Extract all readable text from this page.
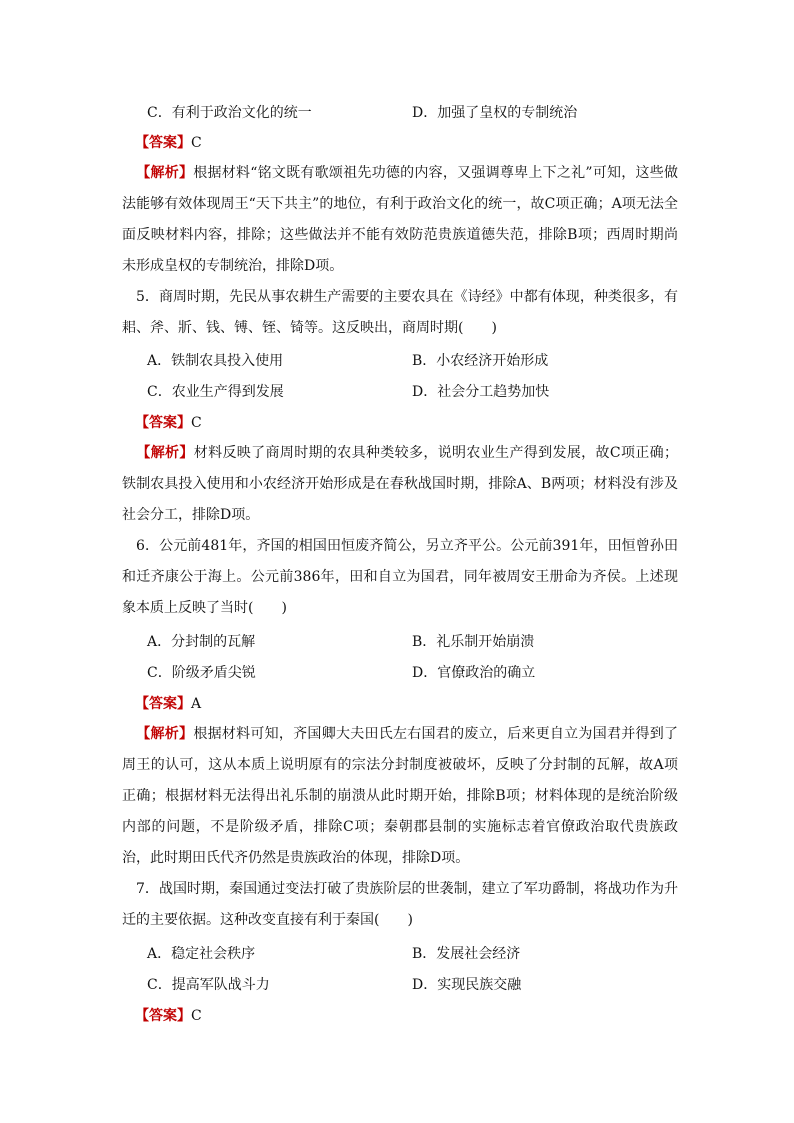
C．有利于政治文化的统一	D．加强了皇权的专制统治
【答案】C
【解析】根据材料“铭文既有歌颂祖先功德的内容，又强调尊卑上下之礼”可知，这些做法能够有效体现周王“天下共主”的地位，有利于政治文化的统一，故C项正确；A项无法全面反映材料内容，排除；这些做法并不能有效防范贵族道德失范，排除B项；西周时期尚未形成皇权的专制统治，排除D项。
5．商周时期，先民从事农耕生产需要的主要农具在《诗经》中都有体现，种类很多，有耜、斧、斨、钱、镈、铚、锜等。这反映出，商周时期(　　)
A．铁制农具投入使用	B．小农经济开始形成
C．农业生产得到发展	D．社会分工趋势加快
【答案】C
【解析】材料反映了商周时期的农具种类较多，说明农业生产得到发展，故C项正确；铁制农具投入使用和小农经济开始形成是在春秋战国时期，排除A、B两项；材料没有涉及社会分工，排除D项。
6．公元前481年，齐国的相国田恒废齐简公，另立齐平公。公元前391年，田恒曾孙田和迁齐康公于海上。公元前386年，田和自立为国君，同年被周安王册命为齐侯。上述现象本质上反映了当时(　　)
A．分封制的瓦解	B．礼乐制开始崩溃
C．阶级矛盾尖锐	D．官僚政治的确立
【答案】A
【解析】根据材料可知，齐国卿大夫田氏左右国君的废立，后来更自立为国君并得到了周王的认可，这从本质上说明原有的宗法分封制度被破坏，反映了分封制的瓦解，故A项正确；根据材料无法得出礼乐制的崩溃从此时期开始，排除B项；材料体现的是统治阶级内部的问题，不是阶级矛盾，排除C项；秦朝郡县制的实施标志着官僚政治取代贵族政治，此时期田氏代齐仍然是贵族政治的体现，排除D项。
7．战国时期，秦国通过变法打破了贵族阶层的世袭制，建立了军功爵制，将战功作为升迁的主要依据。这种改变直接有利于秦国(　　)
A．稳定社会秩序	B．发展社会经济
C．提高军队战斗力	D．实现民族交融
【答案】C
